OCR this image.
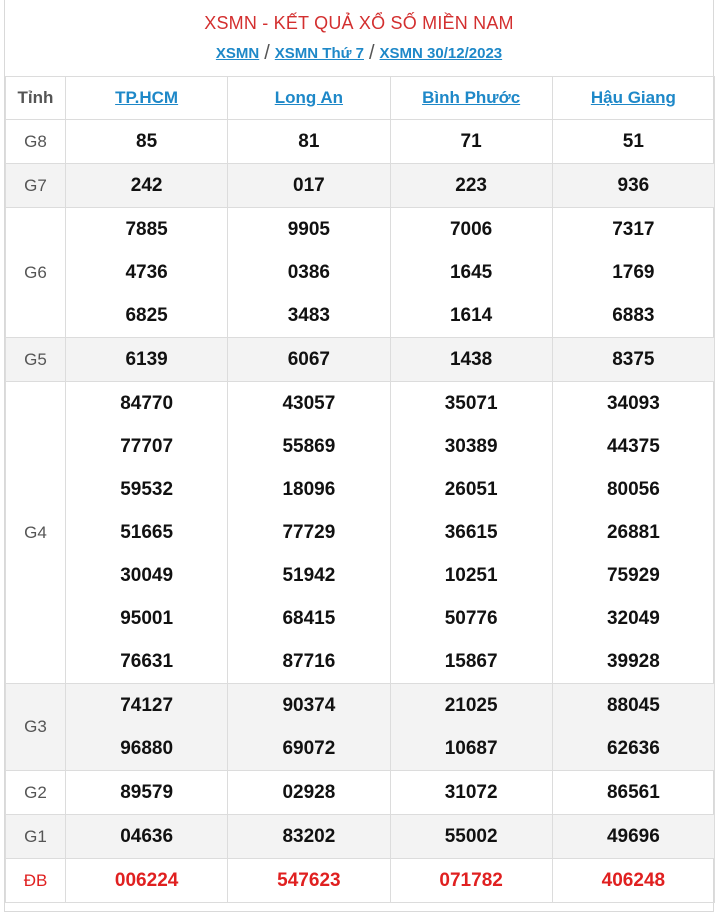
XSMN - KẾT QUẢ XỔ SỐ MIỀN NAM
XSMN / XSMN Thứ 7 / XSMN 30/12/2023
Tỉnh	TP.HCM	Long An	Bình Phước	Hậu Giang
G8	85	81	71	51
G7	242	017	223	936
G6	7885	9905	7006	7317
	4736	0386	1645	1769
	6825	3483	1614	6883
G5	6139	6067	1438	8375
G4	84770	43057	35071	34093
	77707	55869	30389	44375
	59532	18096	26051	80056
	51665	77729	36615	26881
	30049	51942	10251	75929
	95001	68415	50776	32049
	76631	87716	15867	39928
G3	74127	90374	21025	88045
	96880	69072	10687	62636
G2	89579	02928	31072	86561
G1	04636	83202	55002	49696
ĐB	006224	547623	071782	406248
